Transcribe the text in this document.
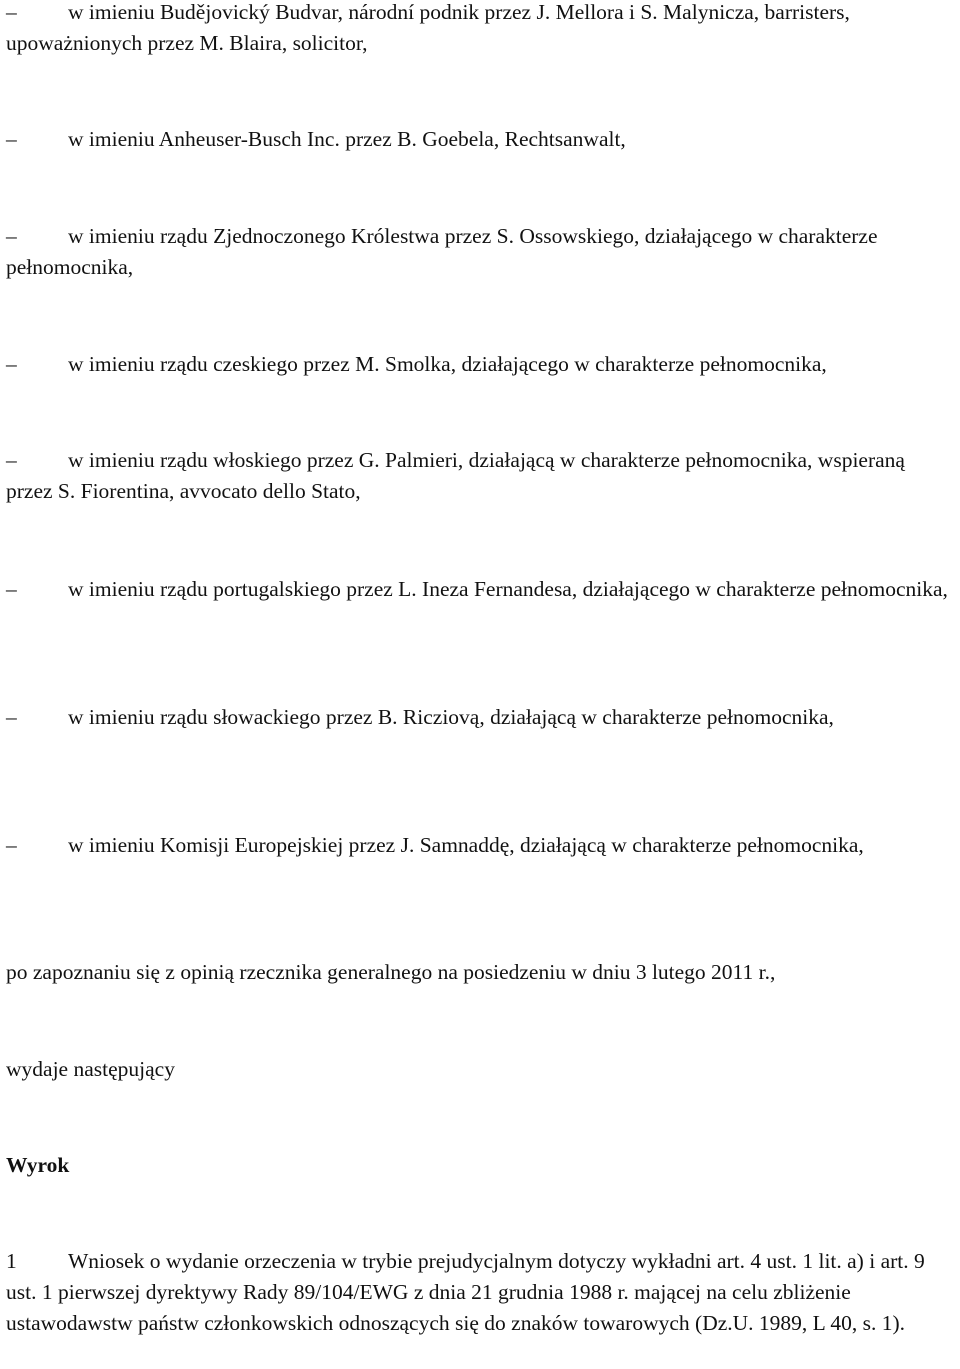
– w imieniu Budějovický Budvar, národní podnik przez J. Mellora i S. Malynicza, barristers, upoważnionych przez M. Blaira, solicitor,

– w imieniu Anheuser-Busch Inc. przez B. Goebela, Rechtsanwalt,

– w imieniu rządu Zjednoczonego Królestwa przez S. Ossowskiego, działającego w charakterze pełnomocnika,

– w imieniu rządu czeskiego przez M. Smolka, działającego w charakterze pełnomocnika,

– w imieniu rządu włoskiego przez G. Palmieri, działającą w charakterze pełnomocnika, wspieraną przez S. Fiorentina, avvocato dello Stato,

– w imieniu rządu portugalskiego przez L. Ineza Fernandesa, działającego w charakterze pełnomocnika,

– w imieniu rządu słowackiego przez B. Ricziovą, działającą w charakterze pełnomocnika,

– w imieniu Komisji Europejskiej przez J. Samnaddę, działającą w charakterze pełnomocnika,

po zapoznaniu się z opinią rzecznika generalnego na posiedzeniu w dniu 3 lutego 2011 r.,

wydaje następujący

Wyrok

1 Wniosek o wydanie orzeczenia w trybie prejudycjalnym dotyczy wykładni art. 4 ust. 1 lit. a) i art. 9 ust. 1 pierwszej dyrektywy Rady 89/104/EWG z dnia 21 grudnia 1988 r. mającej na celu zbliżenie ustawodawstw państw członkowskich odnoszących się do znaków towarowych (Dz.U. 1989, L 40, s. 1).
